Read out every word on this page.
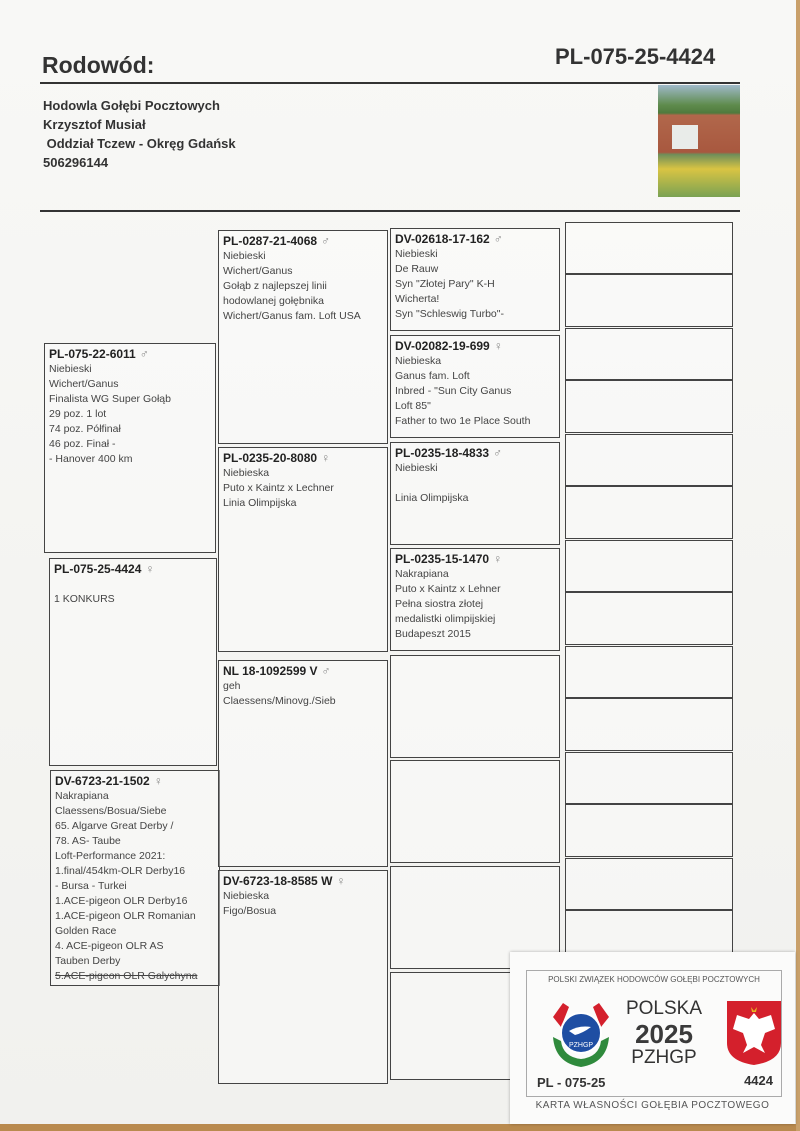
Rodowód:	PL-075-25-4424
Hodowla Gołębi Pocztowych
Krzysztof Musiał
Oddział Tczew - Okręg Gdańsk
506296144
PL-075-22-6011 ♂
Niebieski
Wichert/Ganus
Finalista WG Super Gołąb
29 poz. 1 lot
74 poz. Półfinał
46 poz. Finał -
- Hanover 400 km
PL-075-25-4424 ♀
1 KONKURS
DV-6723-21-1502 ♀
Nakrapiana
Claessens/Bosua/Siebe
65. Algarve Great Derby /
78. AS- Taube
Loft-Performance 2021:
1.final/454km-OLR Derby16
- Bursa - Turkei
1.ACE-pigeon OLR Derby16
1.ACE-pigeon OLR Romanian
Golden Race
4. ACE-pigeon OLR AS
Tauben Derby
5.ACE-pigeon OLR Galychyna
PL-0287-21-4068 ♂
Niebieski
Wichert/Ganus
Gołąb z najlepszej linii
hodowlanej gołębnika
Wichert/Ganus fam. Loft USA
PL-0235-20-8080 ♀
Niebieska
Puto x Kaintz x Lechner
Linia Olimpijska
NL 18-1092599 V ♂
geh
Claessens/Minovg./Sieb
DV-6723-18-8585 W ♀
Niebieska
Figo/Bosua
DV-02618-17-162 ♂
Niebieski
De Rauw
Syn "Złotej Pary" K-H
Wicherta!
Syn "Schleswig Turbo"-
DV-02082-19-699 ♀
Niebieska
Ganus fam. Loft
Inbred - "Sun City Ganus
Loft 85"
Father to two 1e Place South
PL-0235-18-4833 ♂
Niebieski
Linia Olimpijska
PL-0235-15-1470 ♀
Nakrapiana
Puto x Kaintz x Lehner
Pełna siostra złotej
medalistki olimpijskiej
Budapeszt 2015
POLSKI ZWIĄZEK HODOWCÓW GOŁĘBI POCZTOWYCH
PZHGP
POLSKA
2025
PZHGP
PL - 075-25	4424
KARTA WŁASNOŚCI GOŁĘBIA POCZTOWEGO
